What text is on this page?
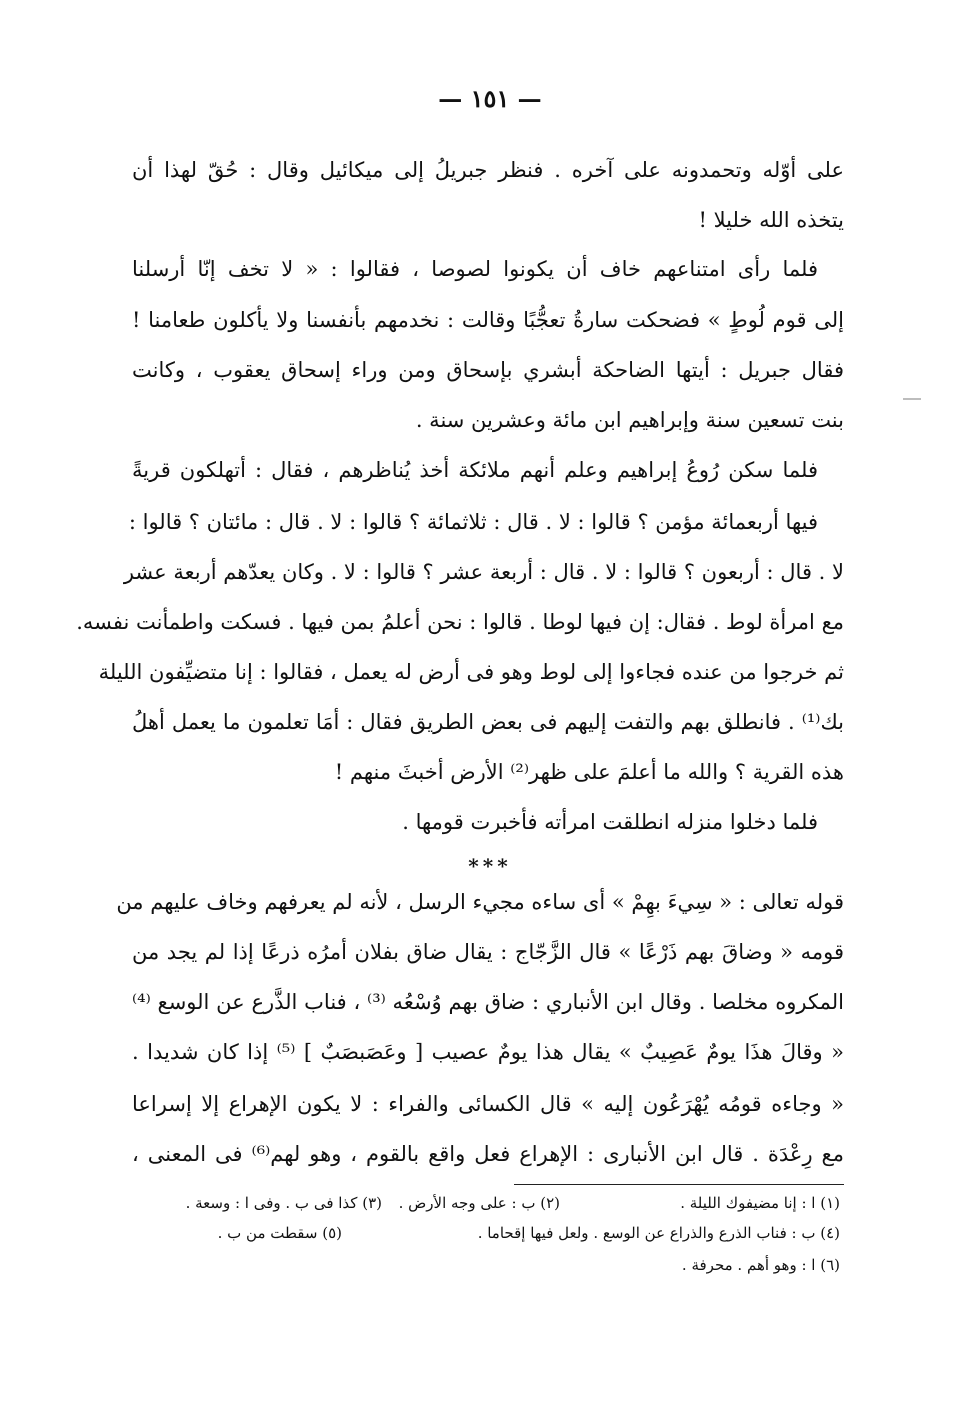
— ١٥١ —
على أوّله وتحمدونه على آخره . فنظر جبريلُ إلى ميكائيل وقال : حُقّ لهذا أن
يتخذه الله خليلا !
فلما رأى امتناعهم خاف أن يكونوا لصوصا ، فقالوا : « لا تخف إنّا أرسلنا
إلى قوم لُوطٍ » فضحكت سارةُ تعجُّبًا وقالت : نخدمهم بأنفسنا ولا يأكلون طعامنا !
فقال جبريل : أيتها الضاحكة أبشري بإسحاق ومن وراء إسحاق يعقوب ، وكانت
بنت تسعين سنة وإبراهيم ابن مائة وعشرين سنة .
فلما سكن رُوعُ إبراهيم وعلم أنهم ملائكة أخذ يُناظرهم ، فقال : أتهلكون قريةً
فيها أربعمائة مؤمن ؟ قالوا : لا . قال : ثلاثمائة ؟ قالوا : لا . قال : مائتان ؟ قالوا :
لا . قال : أربعون ؟ قالوا : لا . قال : أربعة عشر ؟ قالوا : لا . وكان يعدّهم أربعة عشر
مع امرأة لوط . فقال: إن فيها لوطا . قالوا : نحن أعلمُ بمن فيها . فسكت واطمأنت نفسه.
ثم خرجوا من عنده فجاءوا إلى لوط وهو فى أرض له يعمل ، فقالوا : إنا متضيِّفون الليلة
بك⁽¹⁾ . فانطلق بهم والتفت إليهم فى بعض الطريق فقال : أمَا تعلمون ما يعمل أهلُ
هذه القرية ؟ والله ما أعلمَ على ظهر⁽²⁾ الأرض أخبثَ منهم !
فلما دخلوا منزله انطلقت امرأته فأخبرت قومها .
***
قوله تعالى : « سِيءَ بهِمْ » أى ساءه مجيء الرسل ، لأنه لم يعرفهم وخاف عليهم من
قومه « وضاقَ بهم ذَرْعًا » قال الزَّجّاج : يقال ضاق بفلان أمرُه ذرعًا إذا لم يجد من
المكروه مخلصا . وقال ابن الأنباري : ضاق بهم وُسْعُه ⁽³⁾ ، فناب الذَّرع عن الوسع ⁽⁴⁾
« وقالَ هذَا يومٌ عَصِيبٌ » يقال هذا يومٌ عصيب [ وعَصَبصَبٌ ] ⁽⁵⁾ إذا كان شديدا .
« وجاءه قومُه يُهْرَعُون إليه » قال الكسائى والفراء : لا يكون الإهراع إلا إسراعا
مع رِعْدَة . قال ابن الأنبارى : الإهراع فعل واقع بالقوم ، وهو لهم⁽⁶⁾ فى المعنى ،
(١) ا : إنا مضيفوك الليلة .
(٢) ب : على وجه الأرض .
(٣) كذا فى ب . وفى ا : وسعة .
(٤) ب : فناب الذرع والذراع عن الوسع . ولعل فيها إقحاما .
(٥) سقطت من ب .
(٦) ا : وهو أهم . محرفة .
